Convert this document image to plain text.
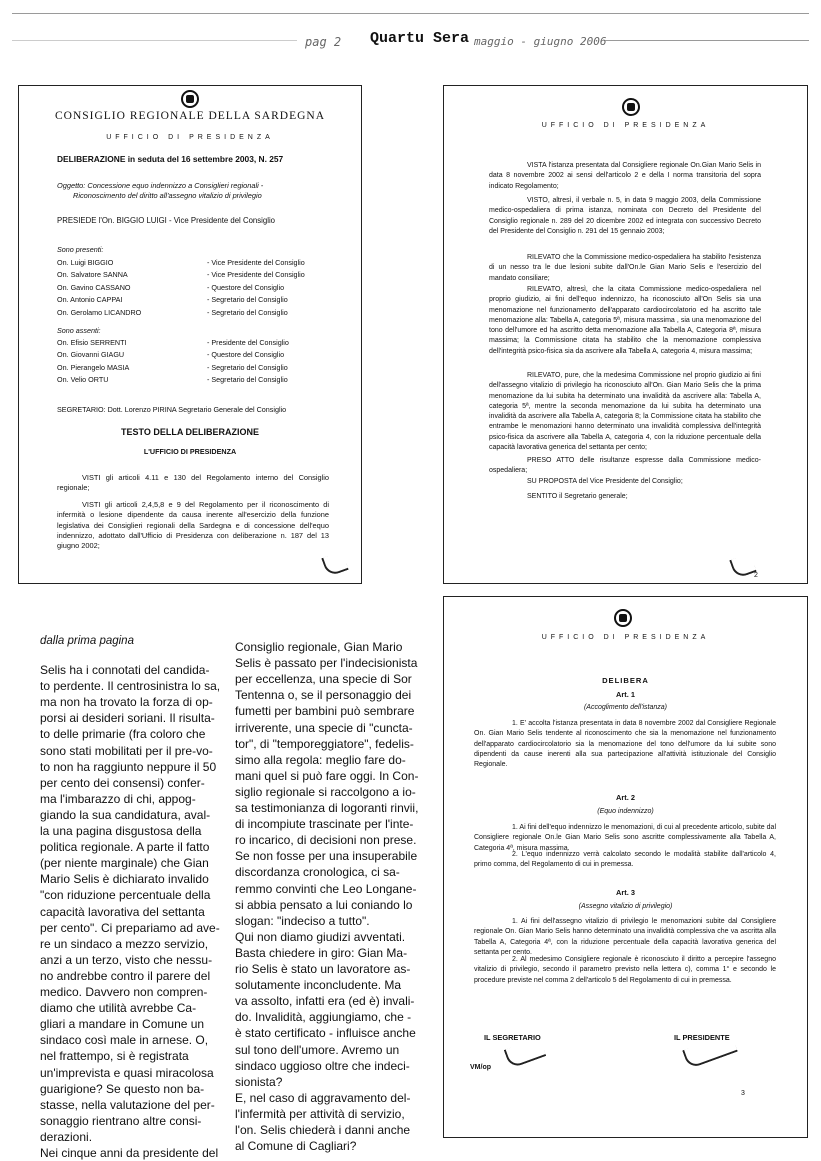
pag 2 Quartu Sera maggio - giugno 2006
CONSIGLIO REGIONALE DELLA SARDEGNA
UFFICIO DI PRESIDENZA
DELIBERAZIONE in seduta del 16 settembre 2003, N. 257
Oggetto: Concessione equo indennizzo a Consiglieri regionali -
Riconoscimento del diritto all'assegno vitalizio di privilegio
PRESIEDE l'On. BIGGIO LUIGI - Vice Presidente del Consiglio
Sono presenti:
Sono assenti:
SEGRETARIO: Dott. Lorenzo PIRINA Segretario Generale del Consiglio
TESTO DELLA DELIBERAZIONE
L'UFFICIO DI PRESIDENZA
VISTI gli articoli 4.11 e 130 del Regolamento interno del Consiglio regionale;
VISTI gli articoli 2,4,5,8 e 9 del Regolamento per il riconoscimento di infermità o lesione dipendente da causa inerente all'esercizio della funzione legislativa dei Consiglieri regionali della Sardegna e di concessione dell'equo indennizzo, adottato dall'Ufficio di Presidenza con deliberazione n. 187 del 13 giugno 2002;
On. Luigi BIGGIO	- Vice Presidente del Consiglio
On. Salvatore SANNA	- Vice Presidente del Consiglio
On. Gavino CASSANO	- Questore del Consiglio
On. Antonio CAPPAI	- Segretario del Consiglio
On. Gerolamo LICANDRO	- Segretario del Consiglio
On. Efisio SERRENTI	- Presidente del Consiglio
On. Giovanni GIAGU	- Questore del Consiglio
On. Pierangelo MASIA	- Segretario del Consiglio
On. Velio ORTU	- Segretario del Consiglio
UFFICIO DI PRESIDENZA
2
VISTA l'istanza presentata dal Consigliere regionale On.Gian Mario Selis in data 8 novembre 2002 ai sensi dell'articolo 2 e della I norma transitoria del sopra indicato Regolamento;
VISTO, altresì, il verbale n. 5, in data 9 maggio 2003, della Commissione medico-ospedaliera di prima istanza, nominata con Decreto del Presidente del Consiglio regionale n. 289 del 20 dicembre 2002 ed integrata con successivo Decreto del Presidente del Consiglio n. 291 del 15 gennaio 2003;
RILEVATO che la Commissione medico-ospedaliera ha stabilito l'esistenza di un nesso tra le due lesioni subite dall'On.le Gian Mario Selis e l'esercizio del mandato consiliare;
RILEVATO, altresì, che la citata Commissione medico-ospedaliera nel proprio giudizio, ai fini dell'equo indennizzo, ha riconosciuto all'On Selis sia una menomazione nel funzionamento dell'apparato cardiocircolatorio ed ha ascritto tale menomazione alla: Tabella A, categoria 5ª, misura massima , sia una menomazione del tono dell'umore ed ha ascritto detta menomazione alla Tabella A, Categoria 8ª, misura massima; la Commissione citata ha stabilito che la menomazione complessiva dell'integrità psico-fisica sia da ascrivere alla Tabella A, categoria 4, misura massima;
RILEVATO, pure, che la medesima Commissione nel proprio giudizio ai fini dell'assegno vitalizio di privilegio ha riconosciuto all'On. Gian Mario Selis che la prima menomazione da lui subita ha determinato una invalidità da ascrivere alla: Tabella A, categoria 5ª, mentre la seconda menomazione da lui subita ha determinato una invalidità da ascrivere alla Tabella A, categoria 8; la Commissione citata ha stabilito che entrambe le menomazioni hanno determinato una invalidità complessiva dell'integrità psico-fisica da ascrivere alla Tabella A, categoria 4, con la riduzione percentuale della capacità lavorativa generica del settanta per cento;
PRESO ATTO delle risultanze espresse dalla Commissione medico-ospedaliera;
SU PROPOSTA del Vice Presidente del Consiglio;
SENTITO il Segretario generale;
dalla prima pagina
Selis ha i connotati del candida-
to perdente. Il centrosinistra lo sa,
ma non ha trovato la forza di op-
porsi ai desideri soriani. Il risulta-
to delle primarie (fra coloro che
sono stati mobilitati per il pre-vo-
to non ha raggiunto neppure il 50
per cento dei consensi) confer-
ma l'imbarazzo di chi, appog-
giando la sua candidatura, aval-
la una pagina disgustosa della
politica regionale. A parte il fatto
(per niente marginale) che Gian
Mario Selis è dichiarato invalido
"con riduzione percentuale della
capacità lavorativa del settanta
per cento". Ci prepariamo ad ave-
re un sindaco a mezzo servizio,
anzi a un terzo, visto che nessu-
no andrebbe contro il parere del
medico. Davvero non compren-
diamo che utilità avrebbe Ca-
gliari a mandare in Comune un
sindaco così male in arnese. O,
nel frattempo, si è registrata
un'imprevista e quasi miracolosa
guarigione? Se questo non ba-
stasse, nella valutazione del per-
sonaggio rientrano altre consi-
derazioni.
Nei cinque anni da presidente del
Consiglio regionale, Gian Mario
Selis è passato per l'indecisionista
per eccellenza, una specie di Sor
Tentenna o, se il personaggio dei
fumetti per bambini può sembrare
irriverente, una specie di "cuncta-
tor", di "temporeggiatore", fedelis-
simo alla regola: meglio fare do-
mani quel si può fare oggi. In Con-
siglio regionale si raccolgono a io-
sa testimonianza di logoranti rinvii,
di incompiute trascinate per l'inte-
ro incarico, di decisioni non prese.
Se non fosse per una insuperabile
discordanza cronologica, ci sa-
remmo convinti che Leo Longane-
si abbia pensato a lui coniando lo
slogan: "indeciso a tutto".
Qui non diamo giudizi avventati.
Basta chiedere in giro: Gian Ma-
rio Selis è stato un lavoratore as-
solutamente inconcludente. Ma
va assolto, infatti era (ed è) invali-
do. Invalidità, aggiungiamo, che -
è stato certificato - influisce anche
sul tono dell'umore. Avremo un
sindaco uggioso oltre che indeci-
sionista?
E, nel caso di aggravamento del-
l'infermità per attività di servizio,
l'on. Selis chiederà i danni anche
al Comune di Cagliari?
UFFICIO DI PRESIDENZA
DELIBERA
Art. 1
(Accoglimento dell'istanza)
1. E' accolta l'istanza presentata in data 8 novembre 2002 dal Consigliere Regionale On. Gian Mario Selis tendente al riconoscimento che sia la menomazione nel funzionamento dell'apparato cardiocircolatorio sia la menomazione del tono dell'umore da lui subite sono dipendenti da cause inerenti alla sua partecipazione all'attività istituzionale del Consiglio Regionale.
Art. 2
(Equo indennizzo)
1. Ai fini dell'equo indennizzo le menomazioni, di cui al precedente articolo, subite dal Consigliere regionale On.le Gian Mario Selis sono ascritte complessivamente alla Tabella A, Categoria 4ª, misura massima.
2. L'equo indennizzo verrà calcolato secondo le modalità stabilite dall'articolo 4, primo comma, del Regolamento di cui in premessa.
Art. 3
(Assegno vitalizio di privilegio)
1. Ai fini dell'assegno vitalizio di privilegio le menomazioni subite dal Consigliere regionale On. Gian Mario Selis hanno determinato una invalidità complessiva che va ascritta alla Tabella A, Categoria 4ª, con la riduzione percentuale della capacità lavorativa generica del settanta per cento.
2. Al medesimo Consigliere regionale è riconosciuto il diritto a percepire l'assegno vitalizio di privilegio, secondo il parametro previsto nella lettera c), comma 1° e secondo le procedure previste nel comma 2 dell'articolo 5 del Regolamento di cui in premessa.
IL SEGRETARIO
VM/op
IL PRESIDENTE
3
